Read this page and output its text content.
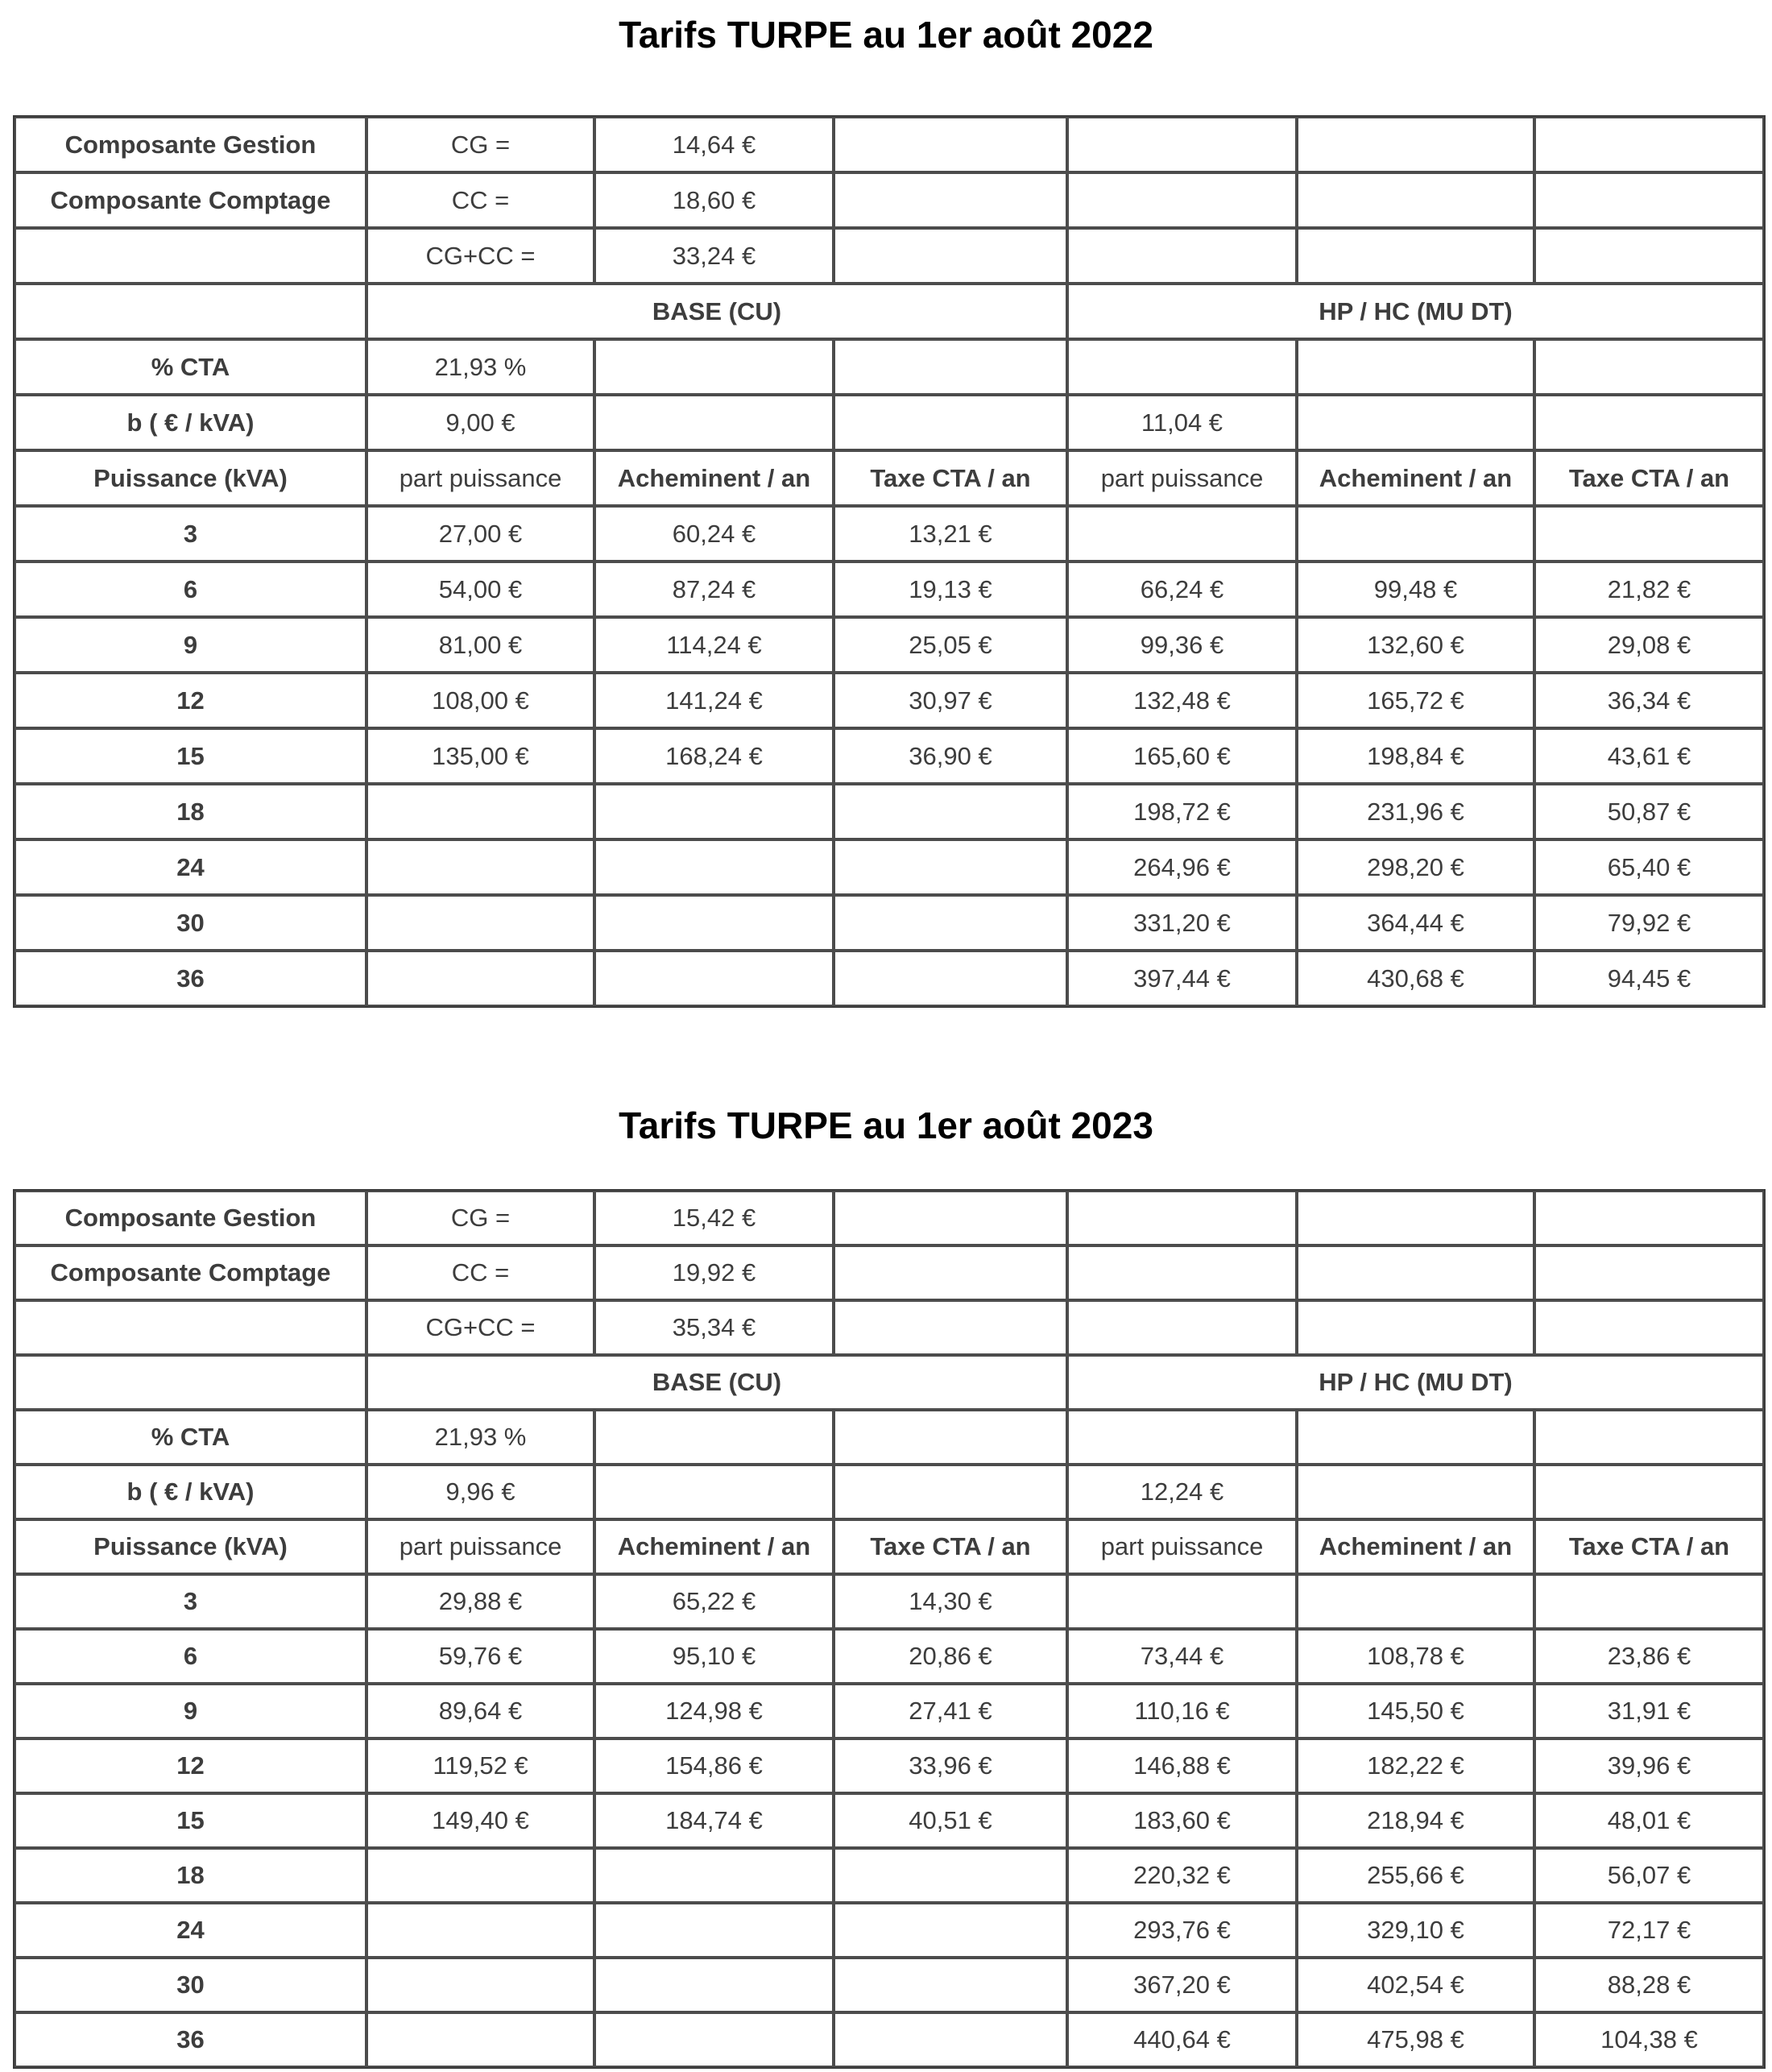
Tarifs TURPE au 1er août 2022
Composante Gestion	CG =	14,64 €				
Composante Comptage	CC =	18,60 €				
	CG+CC =	33,24 €				
	BASE (CU)			HP / HC (MU DT)		
% CTA	21,93 %					
b ( € / kVA)	9,00 €			11,04 €		
Puissance (kVA)	part puissance	Acheminent / an	Taxe CTA / an	part puissance	Acheminent / an	Taxe CTA / an
3	27,00 €	60,24 €	13,21 €			
6	54,00 €	87,24 €	19,13 €	66,24 €	99,48 €	21,82 €
9	81,00 €	114,24 €	25,05 €	99,36 €	132,60 €	29,08 €
12	108,00 €	141,24 €	30,97 €	132,48 €	165,72 €	36,34 €
15	135,00 €	168,24 €	36,90 €	165,60 €	198,84 €	43,61 €
18				198,72 €	231,96 €	50,87 €
24				264,96 €	298,20 €	65,40 €
30				331,20 €	364,44 €	79,92 €
36				397,44 €	430,68 €	94,45 €
Tarifs TURPE au 1er août 2023
Composante Gestion	CG =	15,42 €				
Composante Comptage	CC =	19,92 €				
	CG+CC =	35,34 €				
	BASE (CU)			HP / HC (MU DT)		
% CTA	21,93 %					
b ( € / kVA)	9,96 €			12,24 €		
Puissance (kVA)	part puissance	Acheminent / an	Taxe CTA / an	part puissance	Acheminent / an	Taxe CTA / an
3	29,88 €	65,22 €	14,30 €			
6	59,76 €	95,10 €	20,86 €	73,44 €	108,78 €	23,86 €
9	89,64 €	124,98 €	27,41 €	110,16 €	145,50 €	31,91 €
12	119,52 €	154,86 €	33,96 €	146,88 €	182,22 €	39,96 €
15	149,40 €	184,74 €	40,51 €	183,60 €	218,94 €	48,01 €
18				220,32 €	255,66 €	56,07 €
24				293,76 €	329,10 €	72,17 €
30				367,20 €	402,54 €	88,28 €
36				440,64 €	475,98 €	104,38 €
